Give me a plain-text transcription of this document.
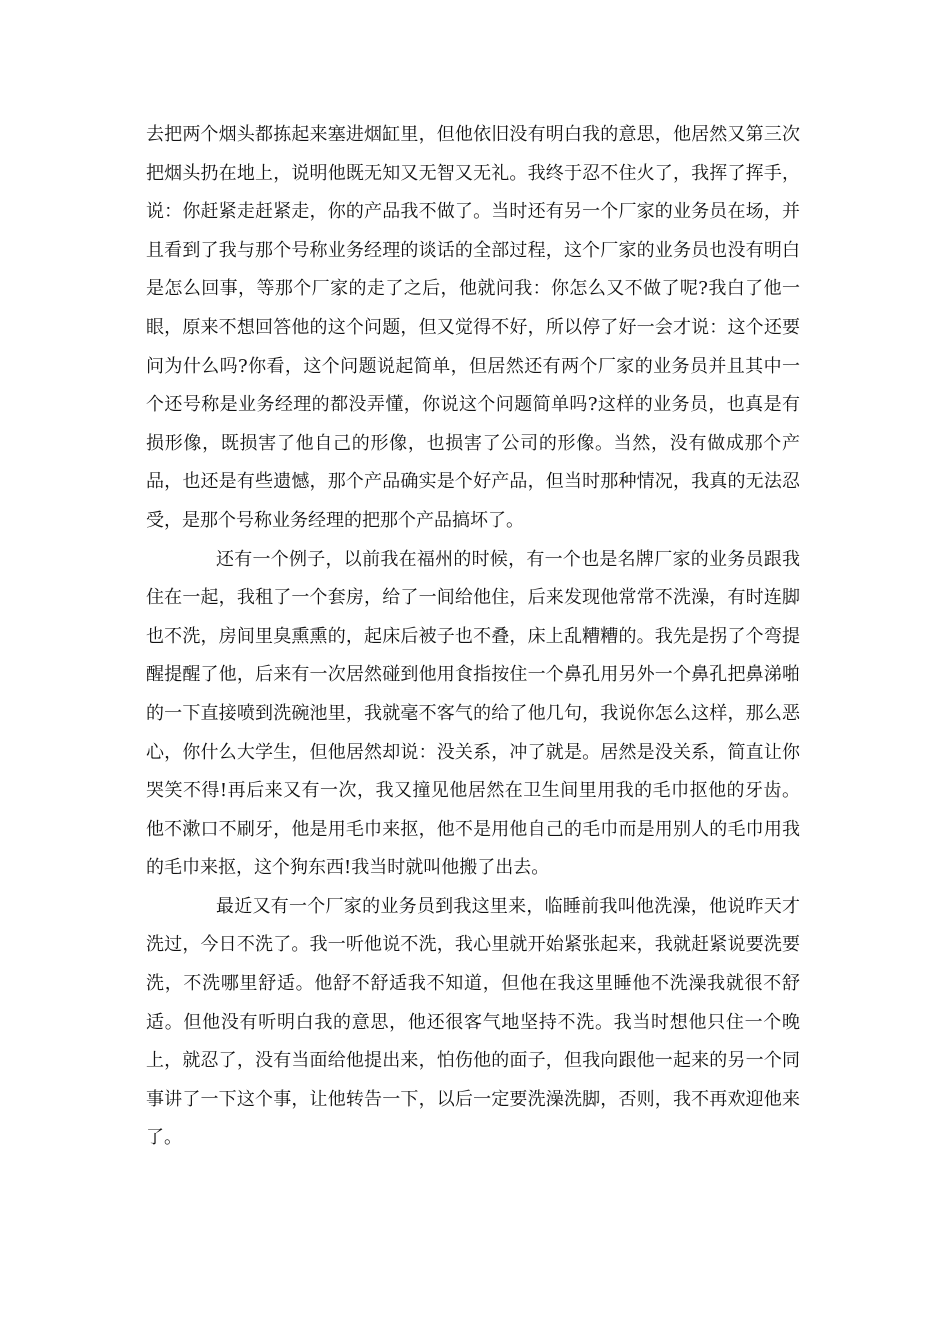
去把两个烟头都拣起来塞进烟缸里，但他依旧没有明白我的意思，他居然又第三次把烟头扔在地上，说明他既无知又无智又无礼。我终于忍不住火了，我挥了挥手，说：你赶紧走赶紧走，你的产品我不做了。当时还有另一个厂家的业务员在场，并且看到了我与那个号称业务经理的谈话的全部过程，这个厂家的业务员也没有明白是怎么回事，等那个厂家的走了之后，他就问我：你怎么又不做了呢?我白了他一眼，原来不想回答他的这个问题，但又觉得不好，所以停了好一会才说：这个还要问为什么吗?你看，这个问题说起简单，但居然还有两个厂家的业务员并且其中一个还号称是业务经理的都没弄懂，你说这个问题简单吗?这样的业务员，也真是有损形像，既损害了他自己的形像，也损害了公司的形像。当然，没有做成那个产品，也还是有些遗憾，那个产品确实是个好产品，但当时那种情况，我真的无法忍受，是那个号称业务经理的把那个产品搞坏了。

还有一个例子，以前我在福州的时候，有一个也是名牌厂家的业务员跟我住在一起，我租了一个套房，给了一间给他住，后来发现他常常不洗澡，有时连脚也不洗，房间里臭熏熏的，起床后被子也不叠，床上乱糟糟的。我先是拐了个弯提醒提醒了他，后来有一次居然碰到他用食指按住一个鼻孔用另外一个鼻孔把鼻涕啪的一下直接喷到洗碗池里，我就毫不客气的给了他几句，我说你怎么这样，那么恶心，你什么大学生，但他居然却说：没关系，冲了就是。居然是没关系，简直让你哭笑不得!再后来又有一次，我又撞见他居然在卫生间里用我的毛巾抠他的牙齿。他不漱口不刷牙，他是用毛巾来抠，他不是用他自己的毛巾而是用别人的毛巾用我的毛巾来抠，这个狗东西!我当时就叫他搬了出去。

最近又有一个厂家的业务员到我这里来，临睡前我叫他洗澡，他说昨天才洗过，今日不洗了。我一听他说不洗，我心里就开始紧张起来，我就赶紧说要洗要洗，不洗哪里舒适。他舒不舒适我不知道，但他在我这里睡他不洗澡我就很不舒适。但他没有听明白我的意思，他还很客气地坚持不洗。我当时想他只住一个晚上，就忍了，没有当面给他提出来，怕伤他的面子，但我向跟他一起来的另一个同事讲了一下这个事，让他转告一下，以后一定要洗澡洗脚，否则，我不再欢迎他来了。
